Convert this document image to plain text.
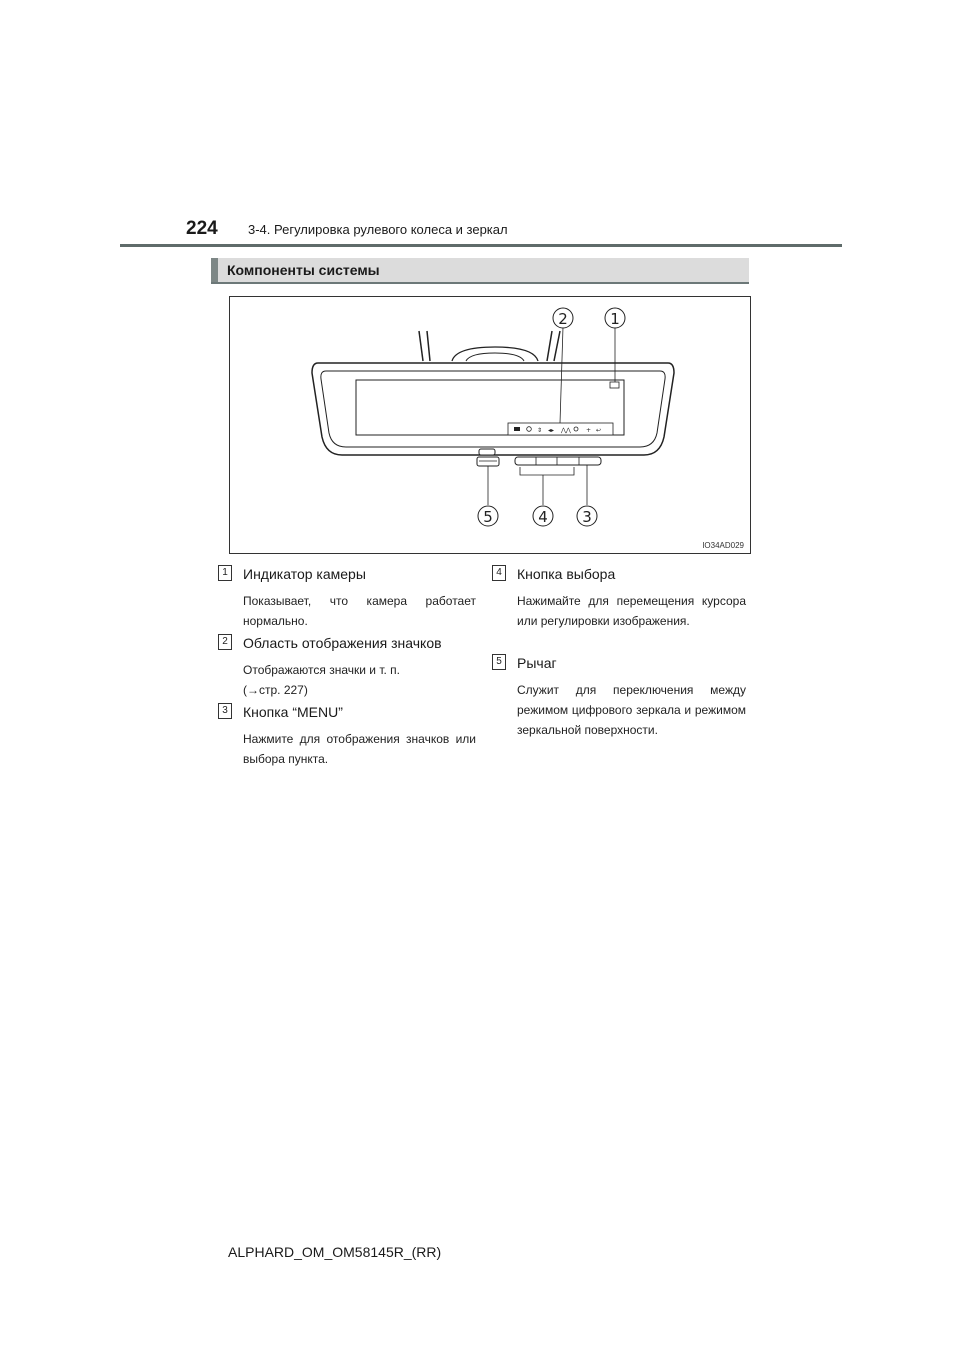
224 3-4. Регулировка рулевого колеса и зеркал
Компоненты системы
⇕ ◂▸ ⋀⋀	+ ↩
2	1
5	4 3
IO34AD029
1	Индикатор камеры
Показывает, что камера работает нормально.
2	Область отображения значков
Отображаются значки и т. п.
(→стр. 227)
3	Кнопка “MENU”
Нажмите для отображения значков или выбора пункта.
4	Кнопка выбора
Нажимайте для перемещения курсора или регулировки изображения.
5	Рычаг
Служит для переключения между режимом цифрового зеркала и режимом зеркальной поверхности.
ALPHARD_OM_OM58145R_(RR)
